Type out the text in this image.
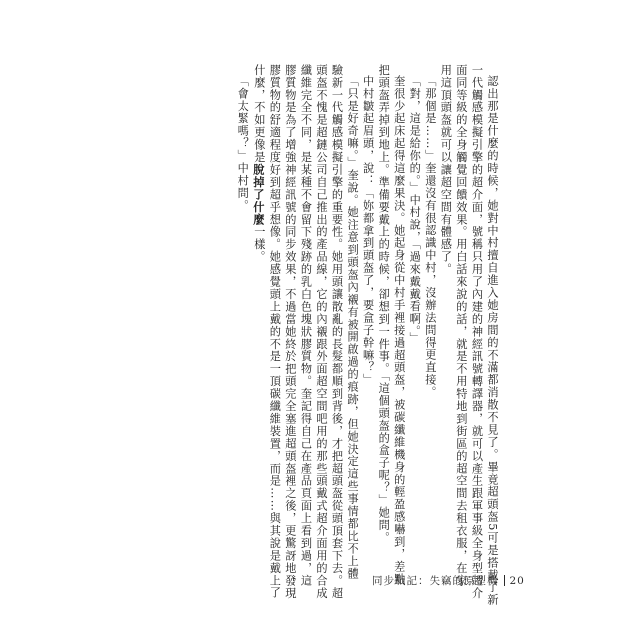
認出那是什麼的時候，她對中村擅自進入她房間的不滿都消散不見了。畢竟超頭盔5可是搭載了新
一代觸感模擬引擎的超介面，號稱只用了內建的神經訊號轉譯器，就可以產生跟軍事級全身型超介
面同等級的全身觸覺回饋效果。用白話來說的話，就是不用特地到街區的超空間去租衣服，在家
用這頂頭盔就可以讓超空間有體感了。
「那個是……」奎還沒有很認識中村，沒辦法問得更直接。
「對，這是給你的。」中村說，「過來戴戴看啊。」
奎很少起床起得這麼果決。她起身從中村手裡接過超頭盔，被碳纖維機身的輕盈感嚇到，差點
把頭盔弄掉到地上。準備要戴上的時候，卻想到一件事。「這個頭盔的盒子呢？」她問。
中村皺起眉頭，說：「妳都拿到頭盔了，要盒子幹嘛？」
「只是好奇嘛。」奎說。她注意到頭盔內襯有被開啟過的痕跡，但她決定這些事情都比不上體
驗新一代觸感模擬引擎的重要性。她用頭讓散亂的長髮都順到背後，才把超頭盔從頭頂套下去。超
頭盔不愧是超鏈公司自己推出的產品線，它的內襯跟外面超空間吧用的那些頭戴式超介面用的合成
纖維完全不同，是某種不會留下殘跡的乳白色塊狀膠質物。奎記得自己在產品頁面上看到過，這
膠質物是為了增強神經訊號的同步效果，不過當她終於把頭完全塞進超頭盔裡之後，更驚訝地發現
膠質物的舒適程度好到超乎想像。她感覺頭上戴的不是一頂碳纖維裝置，而是……與其說是戴上了
什麼，不如更像是脫掉了什麼一樣。
「會太緊嗎？」中村問。
同步戰記：失竊的原型機 20
